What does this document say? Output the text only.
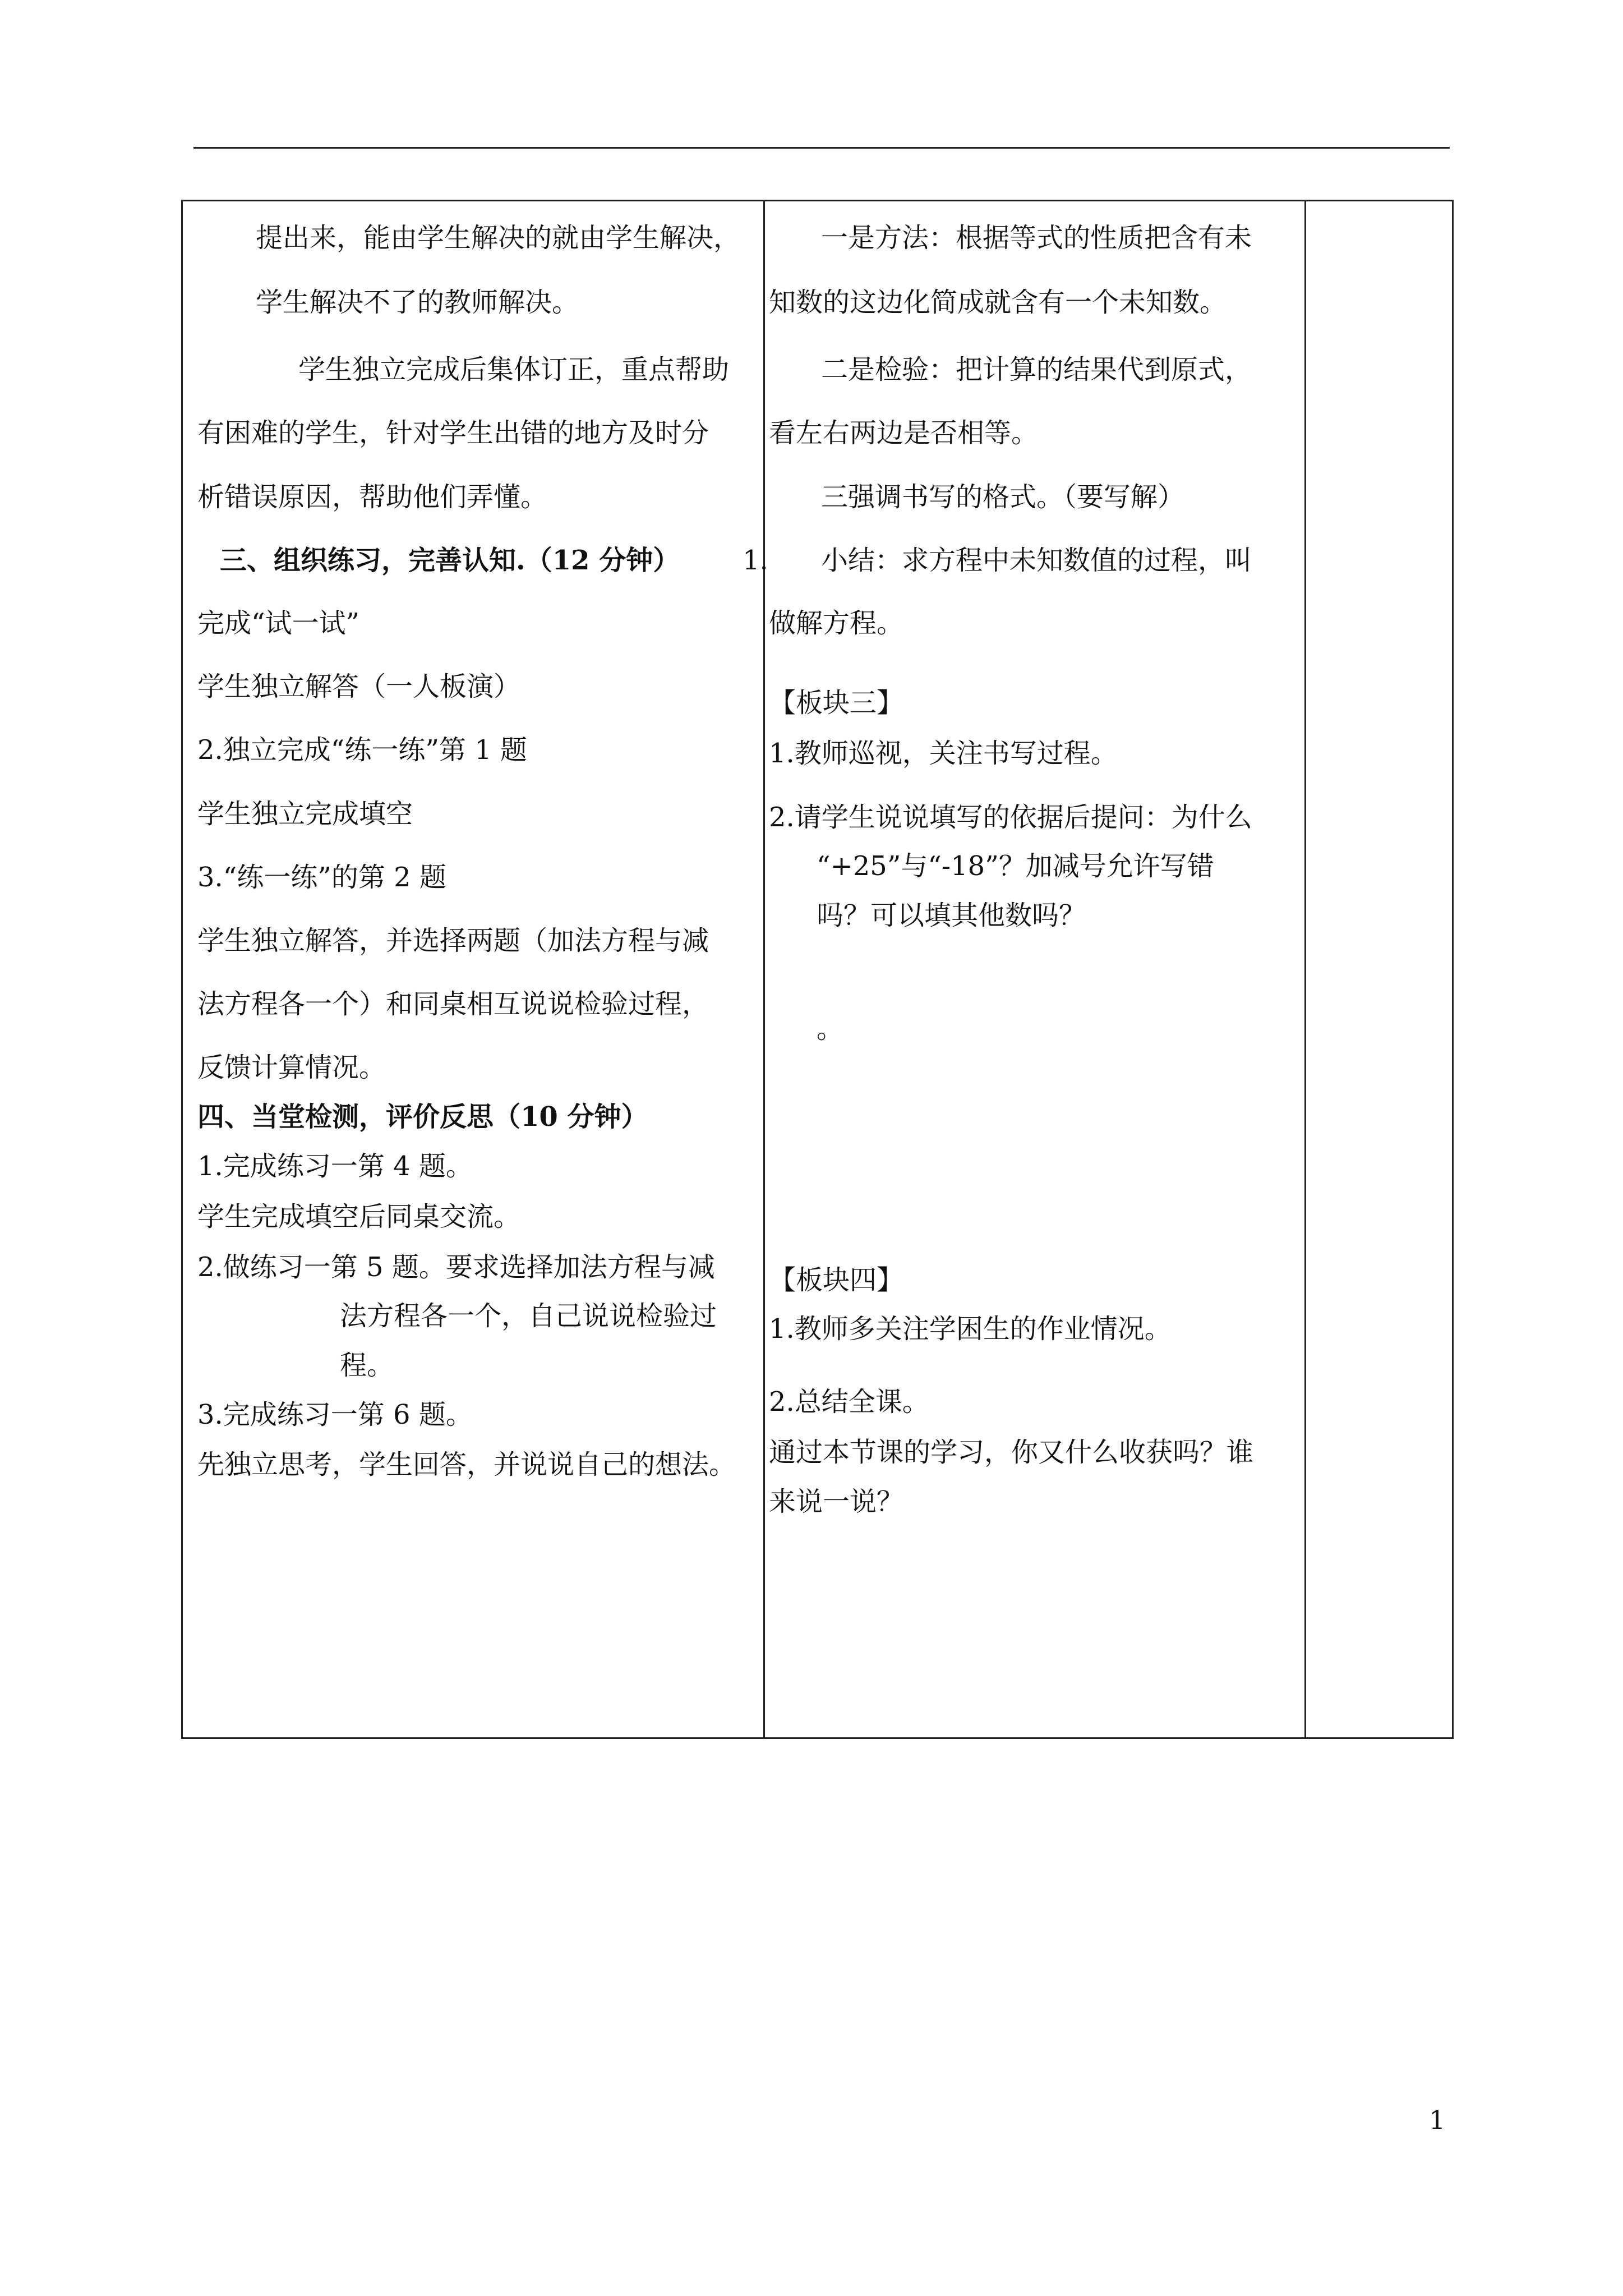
提出来，能由学生解决的就由学生解决，
学生解决不了的教师解决。
学生独立完成后集体订正，重点帮助
有困难的学生，针对学生出错的地方及时分
析错误原因，帮助他们弄懂。
三、组织练习，完善认知.（12 分钟） 1.
完成“试一试”
学生独立解答（一人板演）
2.独立完成“练一练”第 1 题
学生独立完成填空
3.“练一练”的第 2 题
学生独立解答，并选择两题（加法方程与减
法方程各一个）和同桌相互说说检验过程，
反馈计算情况。
四、当堂检测，评价反思（10 分钟）
1.完成练习一第 4 题。
学生完成填空后同桌交流。
2.做练习一第 5 题。要求选择加法方程与减
法方程各一个，自己说说检验过
程。
3.完成练习一第 6 题。
先独立思考，学生回答，并说说自己的想法。
一是方法：根据等式的性质把含有未
知数的这边化简成就含有一个未知数。
二是检验：把计算的结果代到原式，
看左右两边是否相等。
三强调书写的格式。（要写解）
小结：求方程中未知数值的过程，叫
做解方程。
【板块三】
1.教师巡视，关注书写过程。
2.请学生说说填写的依据后提问：为什么
“+25”与“-18”？加减号允许写错
吗？可以填其他数吗？
。
【板块四】
1.教师多关注学困生的作业情况。
2.总结全课。
通过本节课的学习，你又什么收获吗？谁
来说一说？
1
